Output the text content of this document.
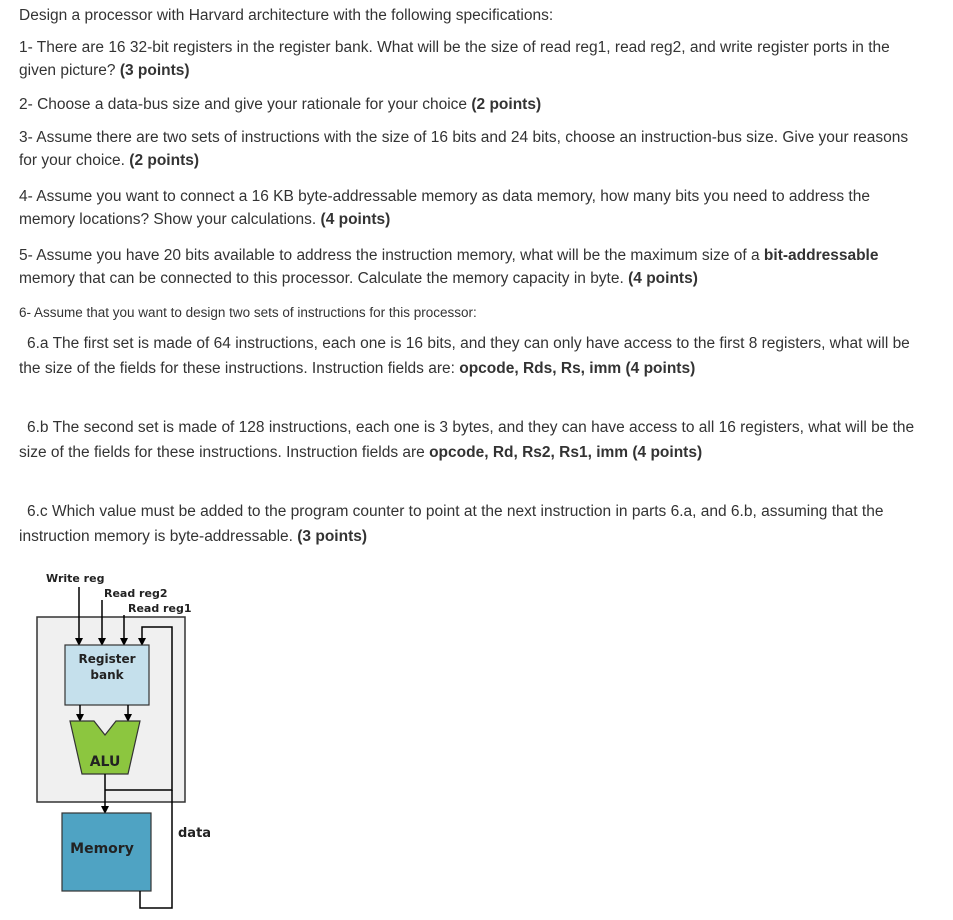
Design a processor with Harvard architecture with the following specifications:

1- There are 16 32-bit registers in the register bank. What will be the size of read reg1, read reg2, and write register ports in the given picture? (3 points)

2- Choose a data-bus size and give your rationale for your choice (2 points)

3- Assume there are two sets of instructions with the size of 16 bits and 24 bits, choose an instruction-bus size. Give your reasons for your choice. (2 points)

4- Assume you want to connect a 16 KB byte-addressable memory as data memory, how many bits you need to address the memory locations? Show your calculations. (4 points)

5- Assume you have 20 bits available to address the instruction memory, what will be the maximum size of a bit-addressable memory that can be connected to this processor. Calculate the memory capacity in byte. (4 points)

6- Assume that you want to design two sets of instructions for this processor:

6.a The first set is made of 64 instructions, each one is 16 bits, and they can only have access to the first 8 registers, what will be the size of the fields for these instructions. Instruction fields are: opcode, Rds, Rs, imm (4 points)

6.b The second set is made of 128 instructions, each one is 3 bytes, and they can have access to all 16 registers, what will be the size of the fields for these instructions. Instruction fields are opcode, Rd, Rs2, Rs1, imm (4 points)

6.c Which value must be added to the program counter to point at the next instruction in parts 6.a, and 6.b, assuming that the instruction memory is byte-addressable. (3 points)

Register
bank
ALU
Memory
Write reg
Read reg2
Read reg1
data
